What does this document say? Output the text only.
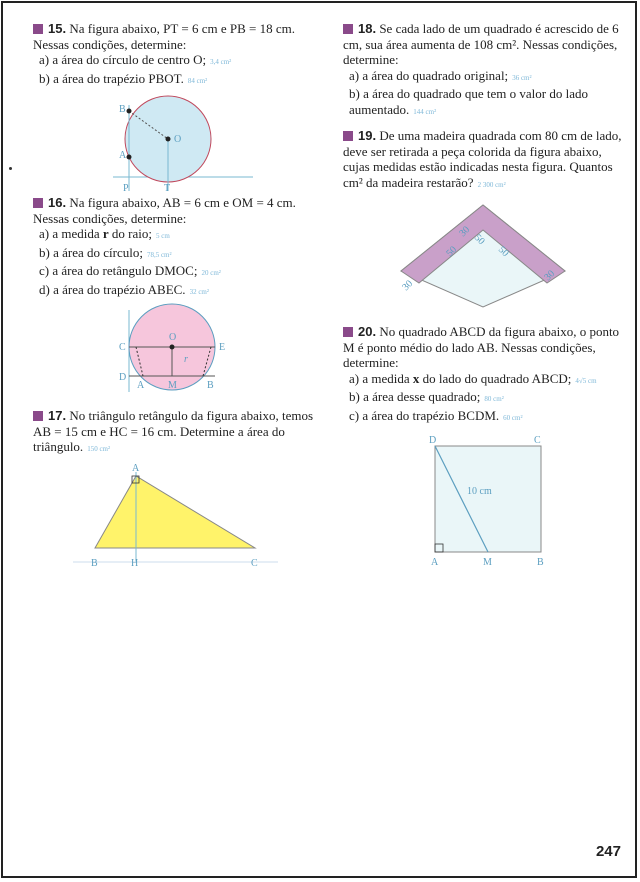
15. Na figura abaixo, PT = 6 cm e PB = 18 cm. Nessas condições, determine:
a) a área do círculo de centro O; 3,4 cm²
b) a área do trapézio PBOT. 84 cm²
B
O
A
P	T
16. Na figura abaixo, AB = 6 cm e OM = 4 cm. Nessas condições, determine:
a) a medida r do raio; 5 cm
b) a área do círculo; 78,5 cm²
c) a área do retângulo DMOC; 20 cm²
d) a área do trapézio ABEC. 32 cm²
C
O
r
E
D
A M	B
17. No triângulo retângulo da figura abaixo, temos AB = 15 cm e HC = 16 cm. Determine a área do triângulo. 150 cm²
A
B	H	C
18. Se cada lado de um quadrado é acrescido de 6 cm, sua área aumenta de 108 cm². Nessas condições, determine:
a) a área do quadrado original; 36 cm²
b) a área do quadrado que tem o valor do lado aumentado. 144 cm²
19. De uma madeira quadrada com 80 cm de lado, deve ser retirada a peça colorida da figura abaixo, cujas medidas estão indicadas nesta figura. Quantos cm² da madeira restarão? 2 300 cm²
30
50
50
50
30
30
20. No quadrado ABCD da figura abaixo, o ponto M é ponto médio do lado AB. Nessas condições, determine:
a) a medida x do lado do quadrado ABCD; 4√5 cm
b) a área desse quadrado; 80 cm²
c) a área do trapézio BCDM. 60 cm²
D	C
A	M	B
10 cm
247
